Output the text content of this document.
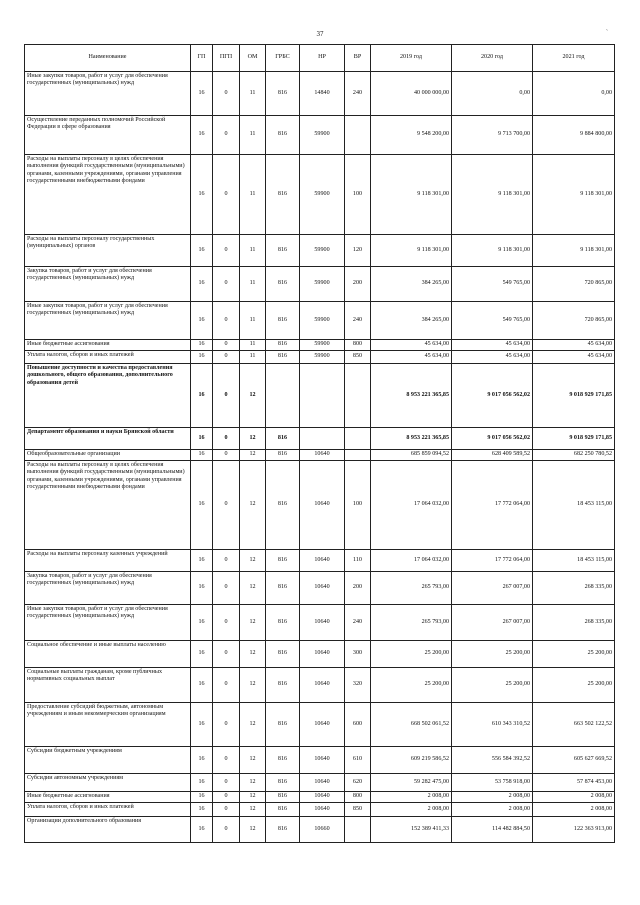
37	`
Наименование	ГП	ПГП	ОМ	ГРБС	НР	ВР	2019 год	2020 год	2021 год
Иные закупки товаров, работ и услуг для обеспечения государственных (муниципальных) нужд	16	0	11	816	14840	240	40 000 000,00	0,00	0,00
Осуществление переданных полномочий Российской Федерации в сфере образования	16	0	11	816	59900		9 548 200,00	9 713 700,00	9 884 800,00
Расходы на выплаты персоналу в целях обеспечения выполнения функций государственными (муниципальными) органами, казенными учреждениями, органами управления государственными внебюджетными фондами	16	0	11	816	59900	100	9 118 301,00	9 118 301,00	9 118 301,00
Расходы на выплаты персоналу государственных (муниципальных) органов	16	0	11	816	59900	120	9 118 301,00	9 118 301,00	9 118 301,00
Закупка товаров, работ и услуг для обеспечения государственных (муниципальных) нужд	16	0	11	816	59900	200	384 265,00	549 765,00	720 865,00
Иные закупки товаров, работ и услуг для обеспечения государственных (муниципальных) нужд	16	0	11	816	59900	240	384 265,00	549 765,00	720 865,00
Иные бюджетные ассигнования	16	0	11	816	59900	800	45 634,00	45 634,00	45 634,00
Уплата налогов, сборов и иных платежей	16	0	11	816	59900	850	45 634,00	45 634,00	45 634,00
Повышение доступности и качества предоставления дошкольного, общего образования, дополнительного образования детей	16	0	12				8 953 221 365,85	9 017 056 562,02	9 018 929 171,85
Департамент образования и науки Брянской области	16	0	12	816			8 953 221 365,85	9 017 056 562,02	9 018 929 171,85
Общеобразовательные организации	16	0	12	816	10640		685 859 094,52	628 409 589,52	682 250 780,52
Расходы на выплаты персоналу в целях обеспечения выполнения функций государственными (муниципальными) органами, казенными учреждениями, органами управления государственными внебюджетными фондами	16	0	12	816	10640	100	17 064 032,00	17 772 064,00	18 453 115,00
Расходы на выплаты персоналу казенных учреждений	16	0	12	816	10640	110	17 064 032,00	17 772 064,00	18 453 115,00
Закупка товаров, работ и услуг для обеспечения государственных (муниципальных) нужд	16	0	12	816	10640	200	265 793,00	267 007,00	268 335,00
Иные закупки товаров, работ и услуг для обеспечения государственных (муниципальных) нужд	16	0	12	816	10640	240	265 793,00	267 007,00	268 335,00
Социальное обеспечение и иные выплаты населению	16	0	12	816	10640	300	25 200,00	25 200,00	25 200,00
Социальные выплаты гражданам, кроме публичных нормативных социальных выплат	16	0	12	816	10640	320	25 200,00	25 200,00	25 200,00
Предоставление субсидий бюджетным, автономным учреждениям и иным некоммерческим организациям	16	0	12	816	10640	600	668 502 061,52	610 343 310,52	663 502 122,52
Субсидии бюджетным учреждениям	16	0	12	816	10640	610	609 219 586,52	556 584 392,52	605 627 669,52
Субсидии автономным учреждениям	16	0	12	816	10640	620	59 282 475,00	53 758 918,00	57 874 453,00
Иные бюджетные ассигнования	16	0	12	816	10640	800	2 008,00	2 008,00	2 008,00
Уплата налогов, сборов и иных платежей	16	0	12	816	10640	850	2 008,00	2 008,00	2 008,00
Организации дополнительного образования	16	0	12	816	10660		152 389 411,33	114 482 884,50	122 363 913,00
